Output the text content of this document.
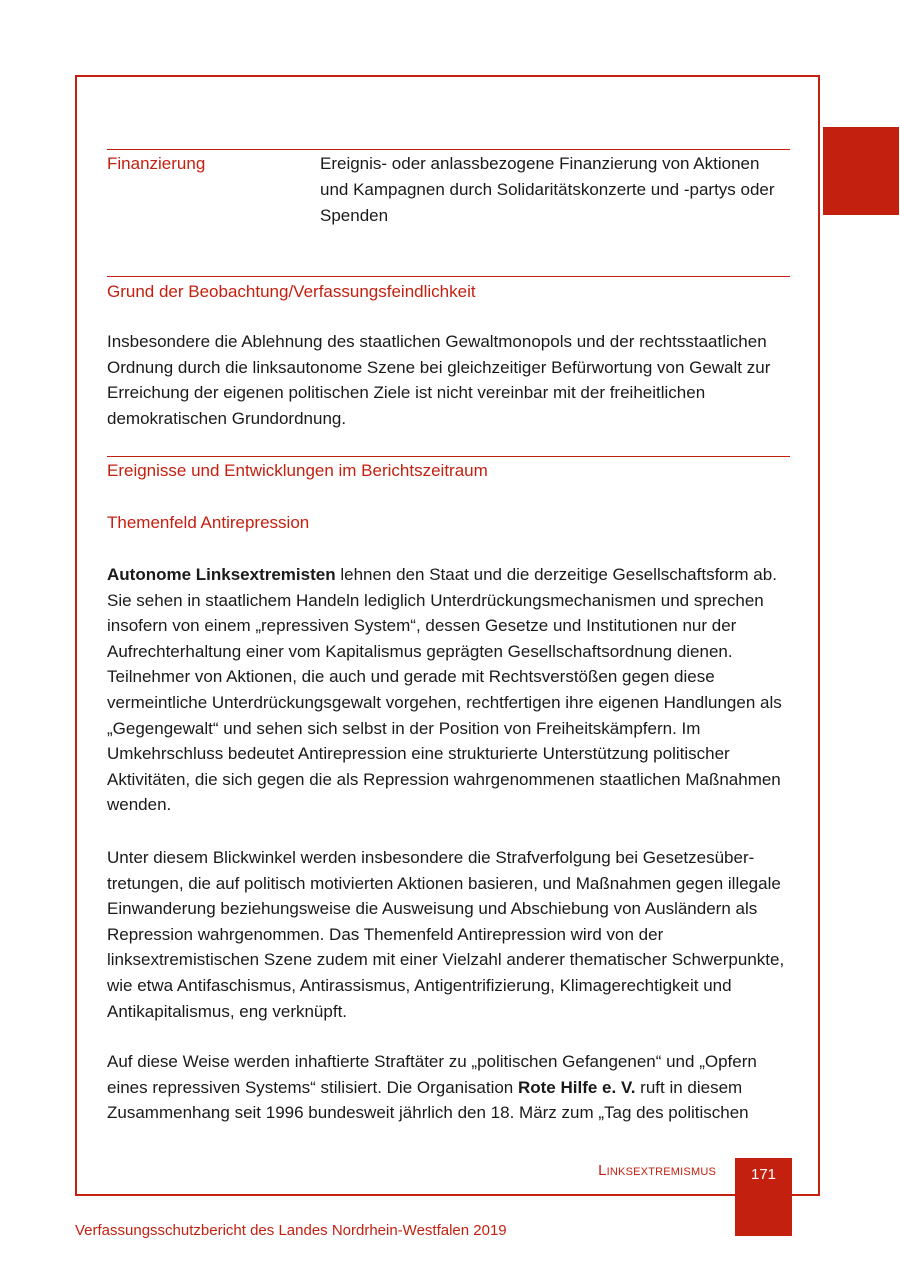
Finanzierung	Ereignis- oder anlassbezogene Finanzierung von Aktionen und Kampagnen durch Solidaritätskonzerte und -partys oder Spenden
Grund der Beobachtung/Verfassungsfeindlichkeit

Insbesondere die Ablehnung des staatlichen Gewaltmonopols und der rechtsstaatlichen Ordnung durch die linksautonome Szene bei gleichzeitiger Befürwortung von Gewalt zur Erreichung der eigenen politischen Ziele ist nicht vereinbar mit der freiheitlichen demokratischen Grundordnung.

Ereignisse und Entwicklungen im Berichtszeitraum
Themenfeld Antirepression

Autonome Linksextremisten lehnen den Staat und die derzeitige Gesellschaftsform ab. Sie sehen in staatlichem Handeln lediglich Unterdrückungsmechanismen und sprechen insofern von einem „repressiven System“, dessen Gesetze und Institutionen nur der Aufrechterhaltung einer vom Kapitalismus geprägten Gesellschaftsordnung dienen. Teilnehmer von Aktionen, die auch und gerade mit Rechtsverstößen gegen diese vermeintliche Unterdrückungsgewalt vorgehen, rechtfertigen ihre eigenen Handlungen als „Gegengewalt“ und sehen sich selbst in der Position von Freiheitskämpfern. Im Umkehrschluss bedeutet Antirepression eine strukturierte Unterstützung politischer Aktivitäten, die sich gegen die als Repression wahrgenommenen staatlichen Maßnahmen wenden.

Unter diesem Blickwinkel werden insbesondere die Strafverfolgung bei Gesetzesübertretungen, die auf politisch motivierten Aktionen basieren, und Maßnahmen gegen illegale Einwanderung beziehungsweise die Ausweisung und Abschiebung von Ausländern als Repression wahrgenommen. Das Themenfeld Antirepression wird von der linksextremistischen Szene zudem mit einer Vielzahl anderer thematischer Schwerpunkte, wie etwa Antifaschismus, Antirassismus, Antigentrifizierung, Klimagerechtigkeit und Antikapitalismus, eng verknüpft.

Auf diese Weise werden inhaftierte Straftäter zu „politischen Gefangenen“ und „Opfern eines repressiven Systems“ stilisiert. Die Organisation Rote Hilfe e. V. ruft in diesem Zusammenhang seit 1996 bundesweit jährlich den 18. März zum „Tag des politischen

Linksextremismus	171
Verfassungsschutzbericht des Landes Nordrhein-Westfalen 2019
